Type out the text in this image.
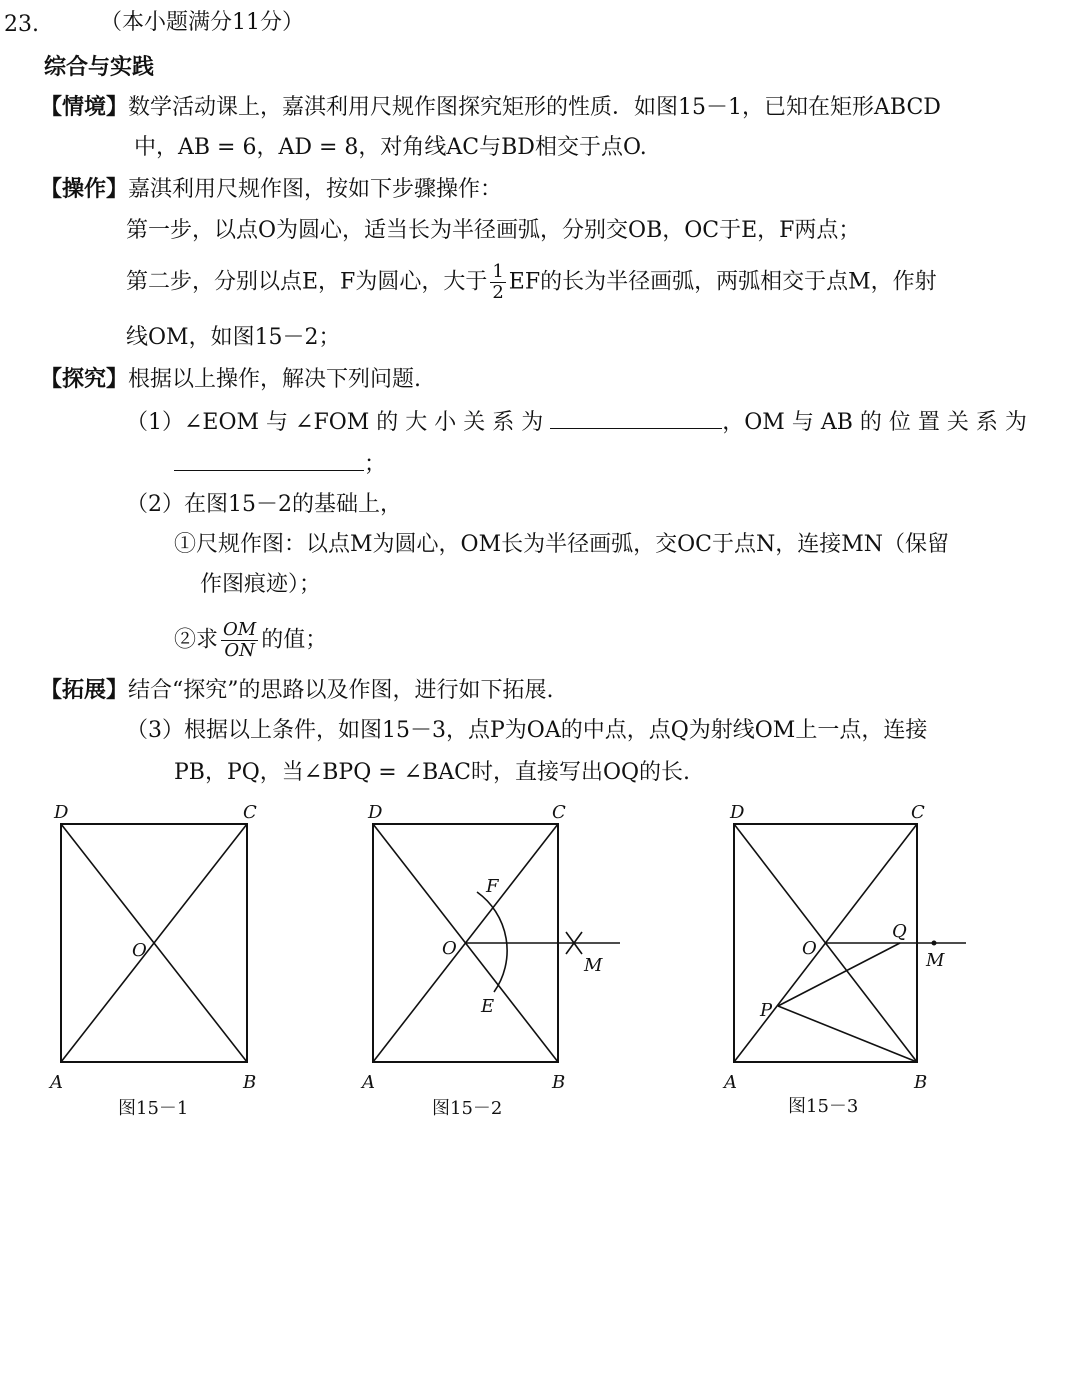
23.	（本小题满分11分）
综合与实践
【情境】数学活动课上，嘉淇利用尺规作图探究矩形的性质．如图15－1，已知在矩形ABCD
中，AB = 6，AD = 8，对角线AC与BD相交于点O.
【操作】嘉淇利用尺规作图，按如下步骤操作：
第一步，以点O为圆心，适当长为半径画弧，分别交OB，OC于E，F两点；
第二步，分别以点E，F为圆心，大于 $\frac{1}{2}$ EF的长为半径画弧，两弧相交于点M，作射
线OM，如图15－2；
【探究】根据以上操作，解决下列问题.
（1）∠EOM 与 ∠FOM 的 大 小 关 系 为	，OM 与 AB 的 位 置 关 系 为
；
（2）在图15－2的基础上，
①尺规作图：以点M为圆心，OM长为半径画弧，交OC于点N，连接MN（保留
作图痕迹）；
②求 $\frac{OM}{ON}$ 的值；
【拓展】结合“探究”的思路以及作图，进行如下拓展.
（3）根据以上条件，如图15－3，点P为OA的中点，点Q为射线OM上一点，连接
PB，PQ，当∠BPQ = ∠BAC时，直接写出OQ的长.
D	C
O
A	B
图15－1
D	C
F
O
M
E
A	B
图15－2
D	C
Q
O
M
P
A	B
图15－3
